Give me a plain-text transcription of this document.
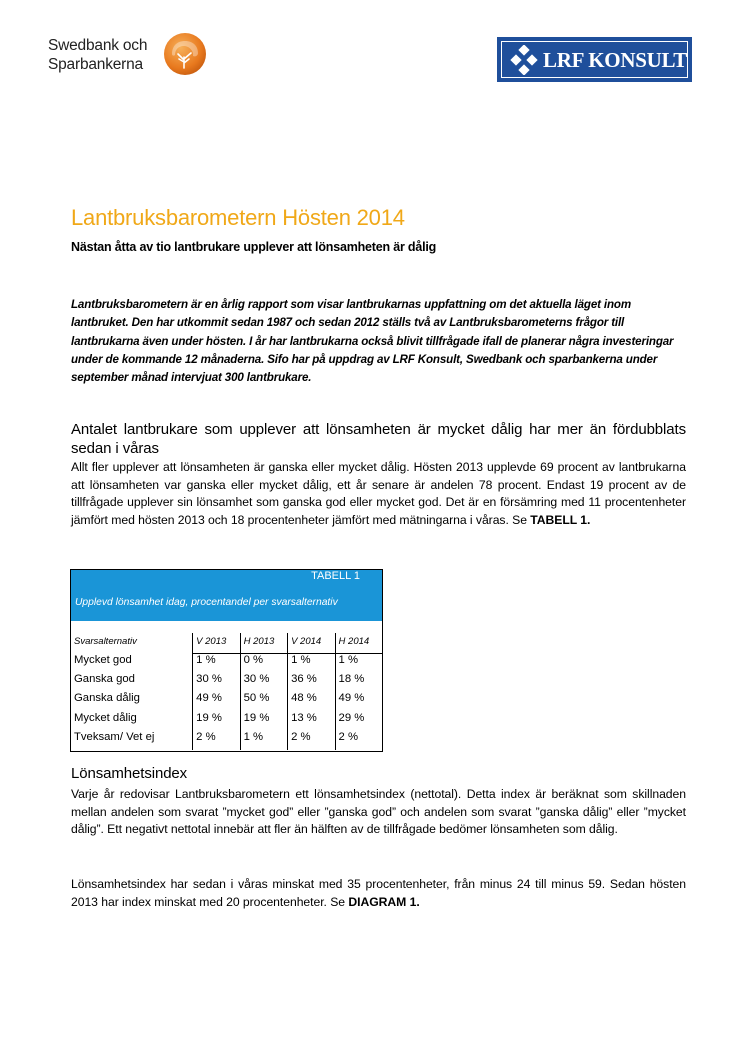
Swedbank och
Sparbankerna	LRF KONSULT
Lantbruksbarometern Hösten 2014
Nästan åtta av tio lantbrukare upplever att lönsamheten är dålig
Lantbruksbarometern är en årlig rapport som visar lantbrukarnas uppfattning om det aktuella läget inom lantbruket. Den har utkommit sedan 1987 och sedan 2012 ställs två av Lantbruksbarometerns frågor till lantbrukarna även under hösten. I år har lantbrukarna också blivit tillfrågade ifall de planerar några investeringar under de kommande 12 månaderna. Sifo har på uppdrag av LRF Konsult, Swedbank och sparbankerna under september månad intervjuat 300 lantbrukare.
Antalet lantbrukare som upplever att lönsamheten är mycket dålig har mer än fördubblats sedan i våras
Allt fler upplever att lönsamheten är ganska eller mycket dålig. Hösten 2013 upplevde 69 procent av lantbrukarna att lönsamheten var ganska eller mycket dålig, ett år senare är andelen 78 procent. Endast 19 procent av de tillfrågade upplever sin lönsamhet som ganska god eller mycket god. Det är en försämring med 11 procentenheter jämfört med hösten 2013 och 18 procentenheter jämfört med mätningarna i våras. Se TABELL 1.
TABELL 1
Upplevd lönsamhet idag, procentandel per svarsalternativ
Svarsalternativ	V 2013	H 2013	V 2014	H 2014
Mycket god	1 %	0 %	1 %	1 %
Ganska god	30 %	30 %	36 %	18 %
Ganska dålig	49 %	50 %	48 %	49 %
Mycket dålig	19 %	19 %	13 %	29 %
Tveksam/ Vet ej	2 %	1 %	2 %	2 %
Lönsamhetsindex
Varje år redovisar Lantbruksbarometern ett lönsamhetsindex (nettotal). Detta index är beräknat som skillnaden mellan andelen som svarat ”mycket god” eller ”ganska god” och andelen som svarat ”ganska dålig” eller ”mycket dålig”. Ett negativt nettotal innebär att fler än hälften av de tillfrågade bedömer lönsamheten som dålig.
Lönsamhetsindex har sedan i våras minskat med 35 procentenheter, från minus 24 till minus 59. Sedan hösten 2013 har index minskat med 20 procentenheter. Se DIAGRAM 1.
